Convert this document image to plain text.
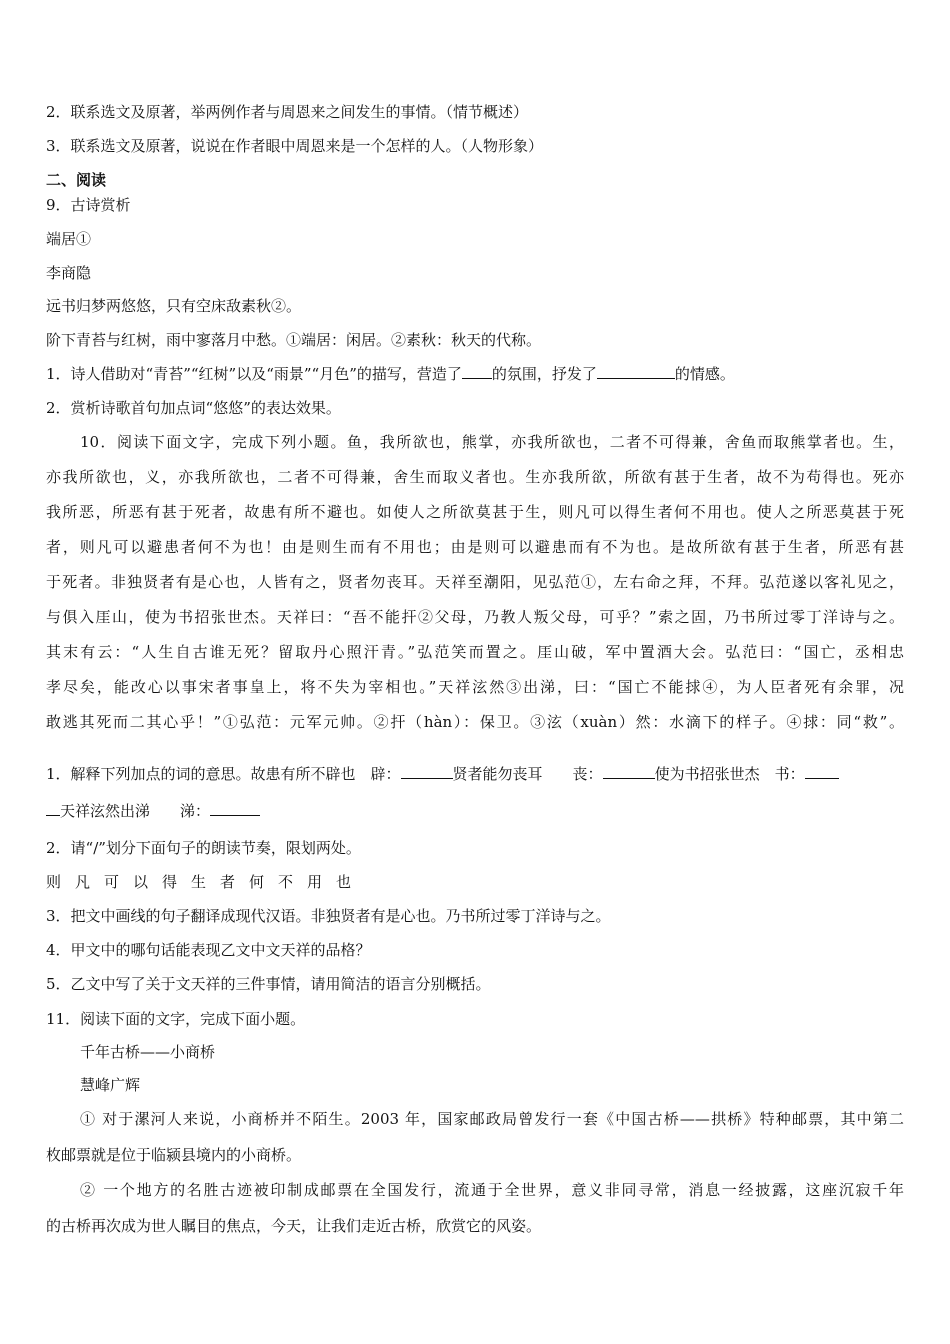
2．联系选文及原著，举两例作者与周恩来之间发生的事情。（情节概述）
3．联系选文及原著，说说在作者眼中周恩来是一个怎样的人。（人物形象）
二、阅读
9．古诗赏析
端居①
李商隐
远书归梦两悠悠，只有空床敌素秋②。
阶下青苔与红树，雨中寥落月中愁。①端居：闲居。②素秋：秋天的代称。
1．诗人借助对“青苔”“红树”以及“雨景”“月色”的描写，营造了 的氛围，抒发了	的情感。
2．赏析诗歌首句加点词“悠悠”的表达效果。
10．阅读下面文字，完成下列小题。鱼，我所欲也，熊掌，亦我所欲也，二者不可得兼，舍鱼而取熊掌者也。生，
亦我所欲也，义，亦我所欲也，二者不可得兼，舍生而取义者也。生亦我所欲，所欲有甚于生者，故不为苟得也。死亦
我所恶，所恶有甚于死者，故患有所不避也。如使人之所欲莫甚于生，则凡可以得生者何不用也。使人之所恶莫甚于死
者，则凡可以避患者何不为也！由是则生而有不用也；由是则可以避患而有不为也。是故所欲有甚于生者，所恶有甚
于死者。非独贤者有是心也，人皆有之，贤者勿丧耳。天祥至潮阳，见弘范①，左右命之拜，不拜。弘范遂以客礼见之，
与俱入厓山，使为书招张世杰。天祥曰：“吾不能扞②父母，乃教人叛父母，可乎？”索之固，乃书所过零丁洋诗与之。
其末有云：“人生自古谁无死？留取丹心照汗青。”弘范笑而置之。厓山破，军中置酒大会。弘范曰：“国亡，丞相忠
孝尽矣，能改心以事宋者事皇上，将不失为宰相也。”天祥泫然③出涕，曰：“国亡不能捄④，为人臣者死有余罪，况
敢逃其死而二其心乎！”①弘范：元军元帅。②扞（hàn）：保卫。③泫（xuàn）然：水滴下的样子。④捄：同“救”。
1．解释下列加点的词的意思。故患有所不辟也　辟：	贤者能勿丧耳　　丧：	使为书招张世杰　书：
天祥泫然出涕　　涕：
2．请“/”划分下面句子的朗读节奏，限划两处。
则凡可以得生者何不用也
3．把文中画线的句子翻译成现代汉语。非独贤者有是心也。乃书所过零丁洋诗与之。
4．甲文中的哪句话能表现乙文中文天祥的品格？
5．乙文中写了关于文天祥的三件事情，请用简洁的语言分别概括。
11．阅读下面的文字，完成下面小题。
千年古桥——小商桥
慧峰广辉
① 对于漯河人来说，小商桥并不陌生。2003 年，国家邮政局曾发行一套《中国古桥——拱桥》特种邮票，其中第二
枚邮票就是位于临颍县境内的小商桥。
② 一个地方的名胜古迹被印制成邮票在全国发行，流通于全世界，意义非同寻常，消息一经披露，这座沉寂千年
的古桥再次成为世人瞩目的焦点，今天，让我们走近古桥，欣赏它的风姿。
